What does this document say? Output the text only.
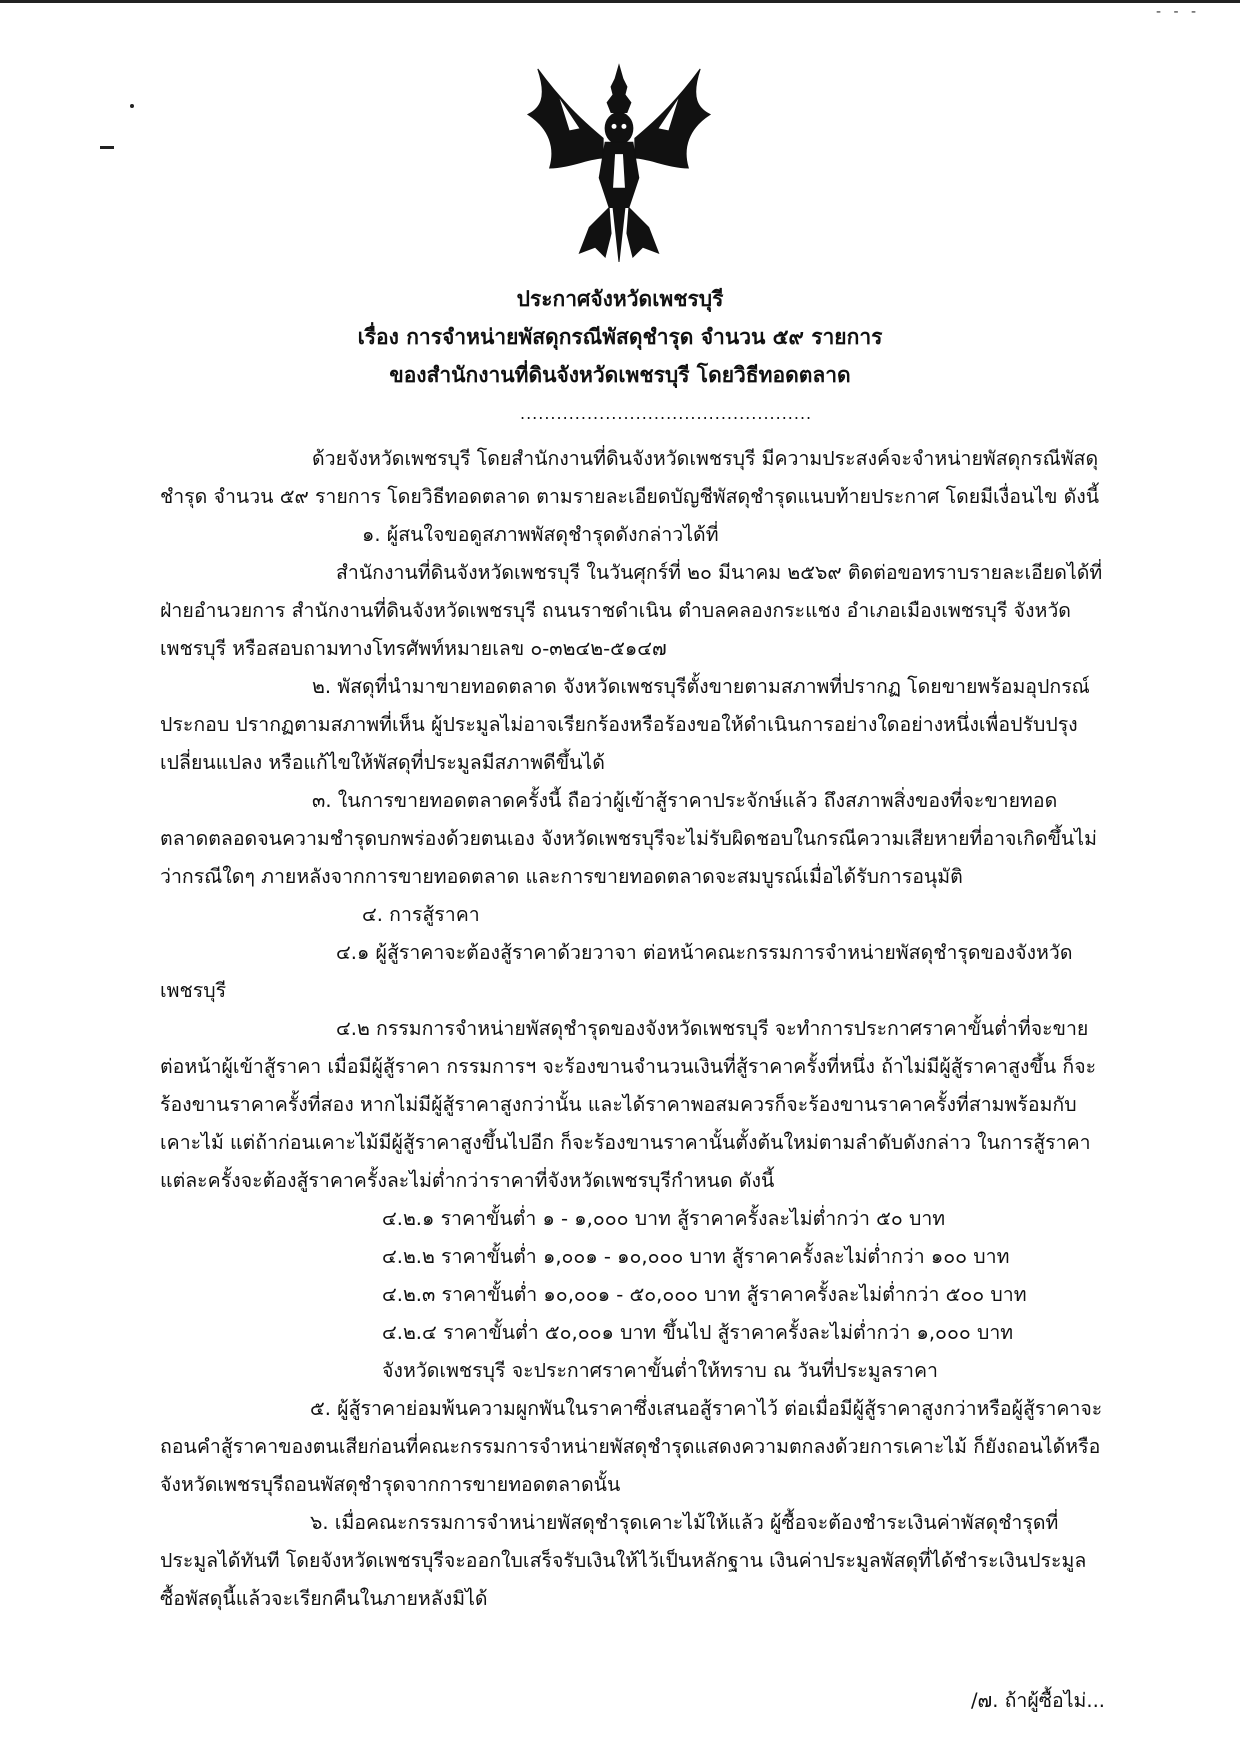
- - -
ประกาศจังหวัดเพชรบุรี
เรื่อง การจำหน่ายพัสดุกรณีพัสดุชำรุด จำนวน ๕๙ รายการ
ของสำนักงานที่ดินจังหวัดเพชรบุรี โดยวิธีทอดตลาด
................................................

ด้วยจังหวัดเพชรบุรี โดยสำนักงานที่ดินจังหวัดเพชรบุรี มีความประสงค์จะจำหน่ายพัสดุกรณีพัสดุชำรุด จำนวน ๕๙ รายการ โดยวิธีทอดตลาด ตามรายละเอียดบัญชีพัสดุชำรุดแนบท้ายประกาศ โดยมีเงื่อนไข ดังนี้

๑. ผู้สนใจขอดูสภาพพัสดุชำรุดดังกล่าวได้ที่

สำนักงานที่ดินจังหวัดเพชรบุรี ในวันศุกร์ที่ ๒๐ มีนาคม ๒๕๖๙ ติดต่อขอทราบรายละเอียดได้ที่ฝ่ายอำนวยการ สำนักงานที่ดินจังหวัดเพชรบุรี ถนนราชดำเนิน ตำบลคลองกระแชง อำเภอเมืองเพชรบุรี จังหวัดเพชรบุรี หรือสอบถามทางโทรศัพท์หมายเลข ๐-๓๒๔๒-๕๑๔๗

๒. พัสดุที่นำมาขายทอดตลาด จังหวัดเพชรบุรีตั้งขายตามสภาพที่ปรากฏ โดยขายพร้อมอุปกรณ์ประกอบ ปรากฏตามสภาพที่เห็น ผู้ประมูลไม่อาจเรียกร้องหรือร้องขอให้ดำเนินการอย่างใดอย่างหนึ่งเพื่อปรับปรุงเปลี่ยนแปลง หรือแก้ไขให้พัสดุที่ประมูลมีสภาพดีขึ้นได้

๓. ในการขายทอดตลาดครั้งนี้ ถือว่าผู้เข้าสู้ราคาประจักษ์แล้ว ถึงสภาพสิ่งของที่จะขายทอดตลาดตลอดจนความชำรุดบกพร่องด้วยตนเอง จังหวัดเพชรบุรีจะไม่รับผิดชอบในกรณีความเสียหายที่อาจเกิดขึ้นไม่ว่ากรณีใดๆ ภายหลังจากการขายทอดตลาด และการขายทอดตลาดจะสมบูรณ์เมื่อได้รับการอนุมัติ

๔. การสู้ราคา

๔.๑ ผู้สู้ราคาจะต้องสู้ราคาด้วยวาจา ต่อหน้าคณะกรรมการจำหน่ายพัสดุชำรุดของจังหวัดเพชรบุรี

๔.๒ กรรมการจำหน่ายพัสดุชำรุดของจังหวัดเพชรบุรี จะทำการประกาศราคาขั้นต่ำที่จะขายต่อหน้าผู้เข้าสู้ราคา เมื่อมีผู้สู้ราคา กรรมการฯ จะร้องขานจำนวนเงินที่สู้ราคาครั้งที่หนึ่ง ถ้าไม่มีผู้สู้ราคาสูงขึ้น ก็จะร้องขานราคาครั้งที่สอง หากไม่มีผู้สู้ราคาสูงกว่านั้น และได้ราคาพอสมควรก็จะร้องขานราคาครั้งที่สามพร้อมกับเคาะไม้ แต่ถ้าก่อนเคาะไม้มีผู้สู้ราคาสูงขึ้นไปอีก ก็จะร้องขานราคานั้นตั้งต้นใหม่ตามลำดับดังกล่าว ในการสู้ราคาแต่ละครั้งจะต้องสู้ราคาครั้งละไม่ต่ำกว่าราคาที่จังหวัดเพชรบุรีกำหนด ดังนี้

๔.๒.๑ ราคาขั้นต่ำ ๑ - ๑,๐๐๐ บาท สู้ราคาครั้งละไม่ต่ำกว่า ๕๐ บาท

๔.๒.๒ ราคาขั้นต่ำ ๑,๐๐๑ - ๑๐,๐๐๐ บาท สู้ราคาครั้งละไม่ต่ำกว่า ๑๐๐ บาท

๔.๒.๓ ราคาขั้นต่ำ ๑๐,๐๐๑ - ๕๐,๐๐๐ บาท สู้ราคาครั้งละไม่ต่ำกว่า ๕๐๐ บาท

๔.๒.๔ ราคาขั้นต่ำ ๕๐,๐๐๑ บาท ขึ้นไป สู้ราคาครั้งละไม่ต่ำกว่า ๑,๐๐๐ บาท

จังหวัดเพชรบุรี จะประกาศราคาขั้นต่ำให้ทราบ ณ วันที่ประมูลราคา

๕. ผู้สู้ราคาย่อมพ้นความผูกพันในราคาซึ่งเสนอสู้ราคาไว้ ต่อเมื่อมีผู้สู้ราคาสูงกว่าหรือผู้สู้ราคาจะถอนคำสู้ราคาของตนเสียก่อนที่คณะกรรมการจำหน่ายพัสดุชำรุดแสดงความตกลงด้วยการเคาะไม้ ก็ยังถอนได้หรือจังหวัดเพชรบุรีถอนพัสดุชำรุดจากการขายทอดตลาดนั้น

๖. เมื่อคณะกรรมการจำหน่ายพัสดุชำรุดเคาะไม้ให้แล้ว ผู้ซื้อจะต้องชำระเงินค่าพัสดุชำรุดที่ประมูลได้ทันที โดยจังหวัดเพชรบุรีจะออกใบเสร็จรับเงินให้ไว้เป็นหลักฐาน เงินค่าประมูลพัสดุที่ได้ชำระเงินประมูลซื้อพัสดุนี้แล้วจะเรียกคืนในภายหลังมิได้

/๗. ถ้าผู้ซื้อไม่...
